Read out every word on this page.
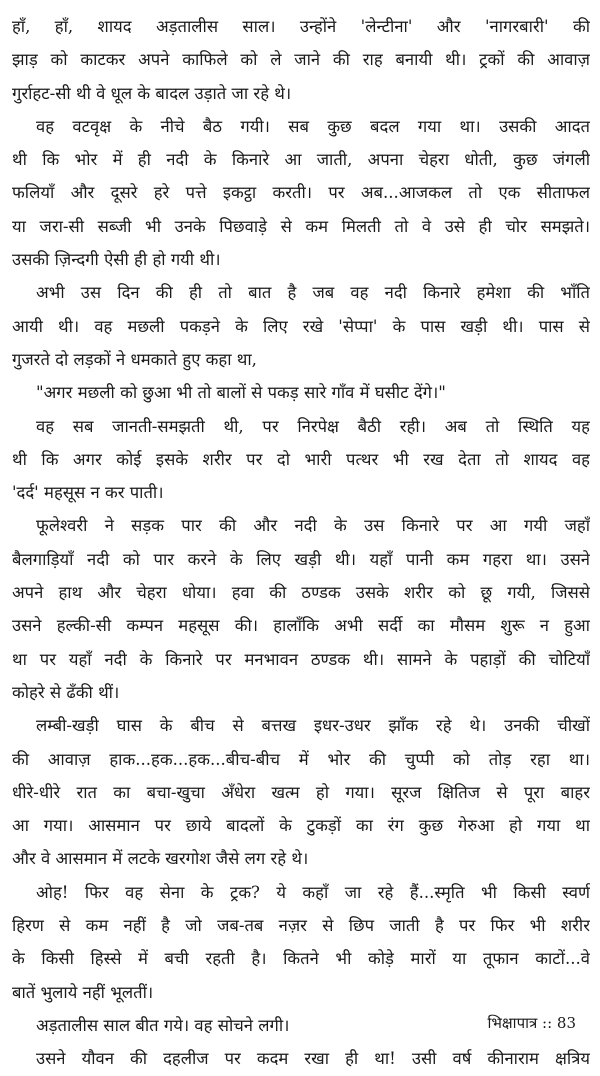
हाँ, हाँ, शायद अड़तालीस साल। उन्होंने 'लेन्टीना' और 'नागरबारी' की
झाड़ को काटकर अपने काफिले को ले जाने की राह बनायी थी। ट्रकों की आवाज़
गुर्राहट-सी थी वे धूल के बादल उड़ाते जा रहे थे।
वह वटवृक्ष के नीचे बैठ गयी। सब कुछ बदल गया था। उसकी आदत
थी कि भोर में ही नदी के किनारे आ जाती, अपना चेहरा धोती, कुछ जंगली
फलियाँ और दूसरे हरे पत्ते इकट्ठा करती। पर अब...आजकल तो एक सीताफल
या जरा-सी सब्जी भी उनके पिछवाड़े से कम मिलती तो वे उसे ही चोर समझते।
उसकी ज़िन्दगी ऐसी ही हो गयी थी।
अभी उस दिन की ही तो बात है जब वह नदी किनारे हमेशा की भाँति
आयी थी। वह मछली पकड़ने के लिए रखे 'सेप्पा' के पास खड़ी थी। पास से
गुजरते दो लड़कों ने धमकाते हुए कहा था,
"अगर मछली को छुआ भी तो बालों से पकड़ सारे गाँव में घसीट देंगे।"
वह सब जानती-समझती थी, पर निरपेक्ष बैठी रही। अब तो स्थिति यह
थी कि अगर कोई इसके शरीर पर दो भारी पत्थर भी रख देता तो शायद वह
'दर्द' महसूस न कर पाती।
फूलेश्वरी ने सड़क पार की और नदी के उस किनारे पर आ गयी जहाँ
बैलगाड़ियाँ नदी को पार करने के लिए खड़ी थी। यहाँ पानी कम गहरा था। उसने
अपने हाथ और चेहरा धोया। हवा की ठण्डक उसके शरीर को छू गयी, जिससे
उसने हल्की-सी कम्पन महसूस की। हालाँकि अभी सर्दी का मौसम शुरू न हुआ
था पर यहाँ नदी के किनारे पर मनभावन ठण्डक थी। सामने के पहाड़ों की चोटियाँ
कोहरे से ढँकी थीं।
लम्बी-खड़ी घास के बीच से बत्तख इधर-उधर झाँक रहे थे। उनकी चीखों
की आवाज़ हाक...हक...हक...बीच-बीच में भोर की चुप्पी को तोड़ रहा था।
धीरे-धीरे रात का बचा-खुचा अँधेरा खत्म हो गया। सूरज क्षितिज से पूरा बाहर
आ गया। आसमान पर छाये बादलों के टुकड़ों का रंग कुछ गेरुआ हो गया था
और वे आसमान में लटके खरगोश जैसे लग रहे थे।
ओह! फिर वह सेना के ट्रक? ये कहाँ जा रहे हैं...स्मृति भी किसी स्वर्ण
हिरण से कम नहीं है जो जब-तब नज़र से छिप जाती है पर फिर भी शरीर
के किसी हिस्से में बची रहती है। कितने भी कोड़े मारों या तूफान काटों...वे
बातें भुलाये नहीं भूलतीं।
अड़तालीस साल बीत गये। वह सोचने लगी।
उसने यौवन की दहलीज पर कदम रखा ही था! उसी वर्ष कीनाराम क्षत्रिय
भिक्षापात्र :: 83
